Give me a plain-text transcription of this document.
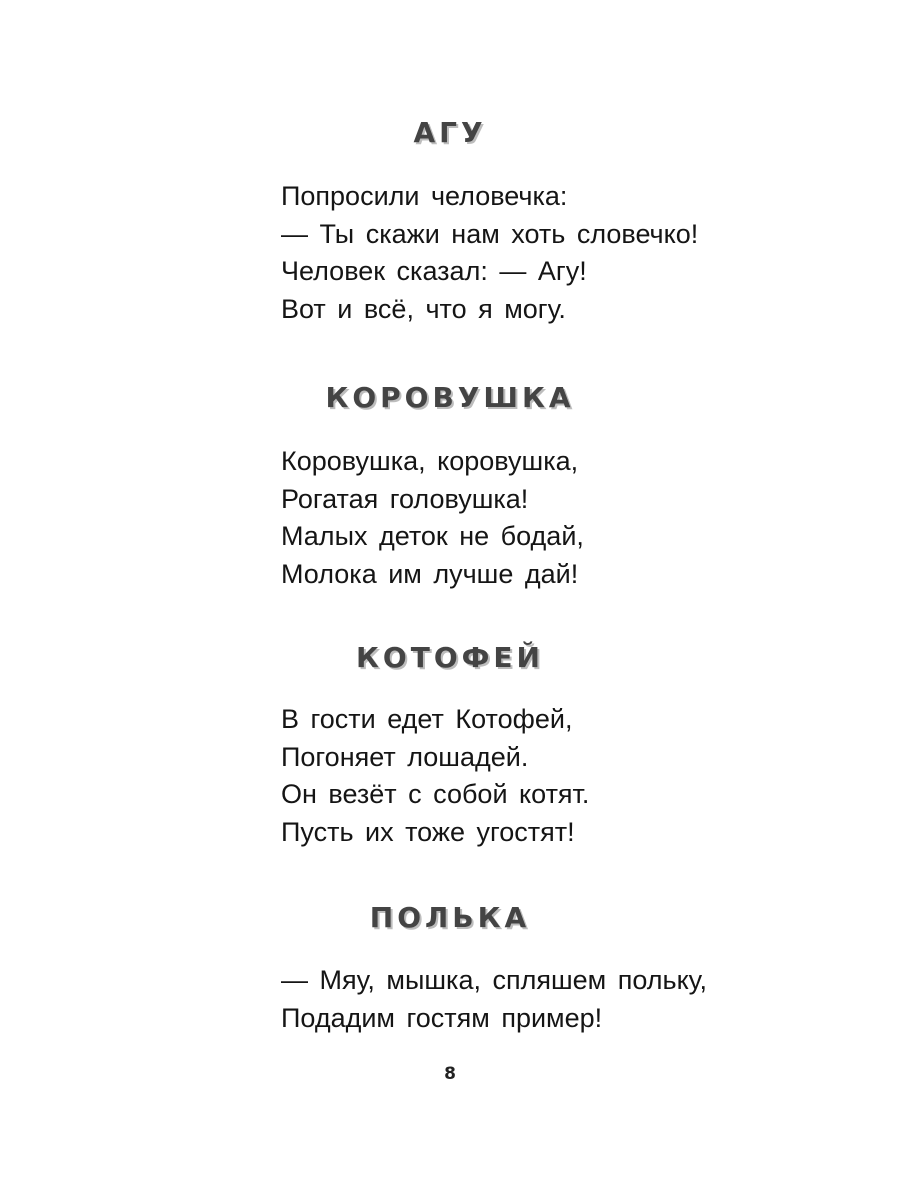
АГУ
Попросили человечка:
— Ты скажи нам хоть словечко!
Человек сказал: — Агу!
Вот и всё, что я могу.
КОРОВУШКА
Коровушка, коровушка,
Рогатая головушка!
Малых деток не бодай,
Молока им лучше дай!
КОТОФЕЙ
В гости едет Котофей,
Погоняет лошадей.
Он везёт с собой котят.
Пусть их тоже угостят!
ПОЛЬКА
— Мяу, мышка, спляшем польку,
Подадим гостям пример!
8
